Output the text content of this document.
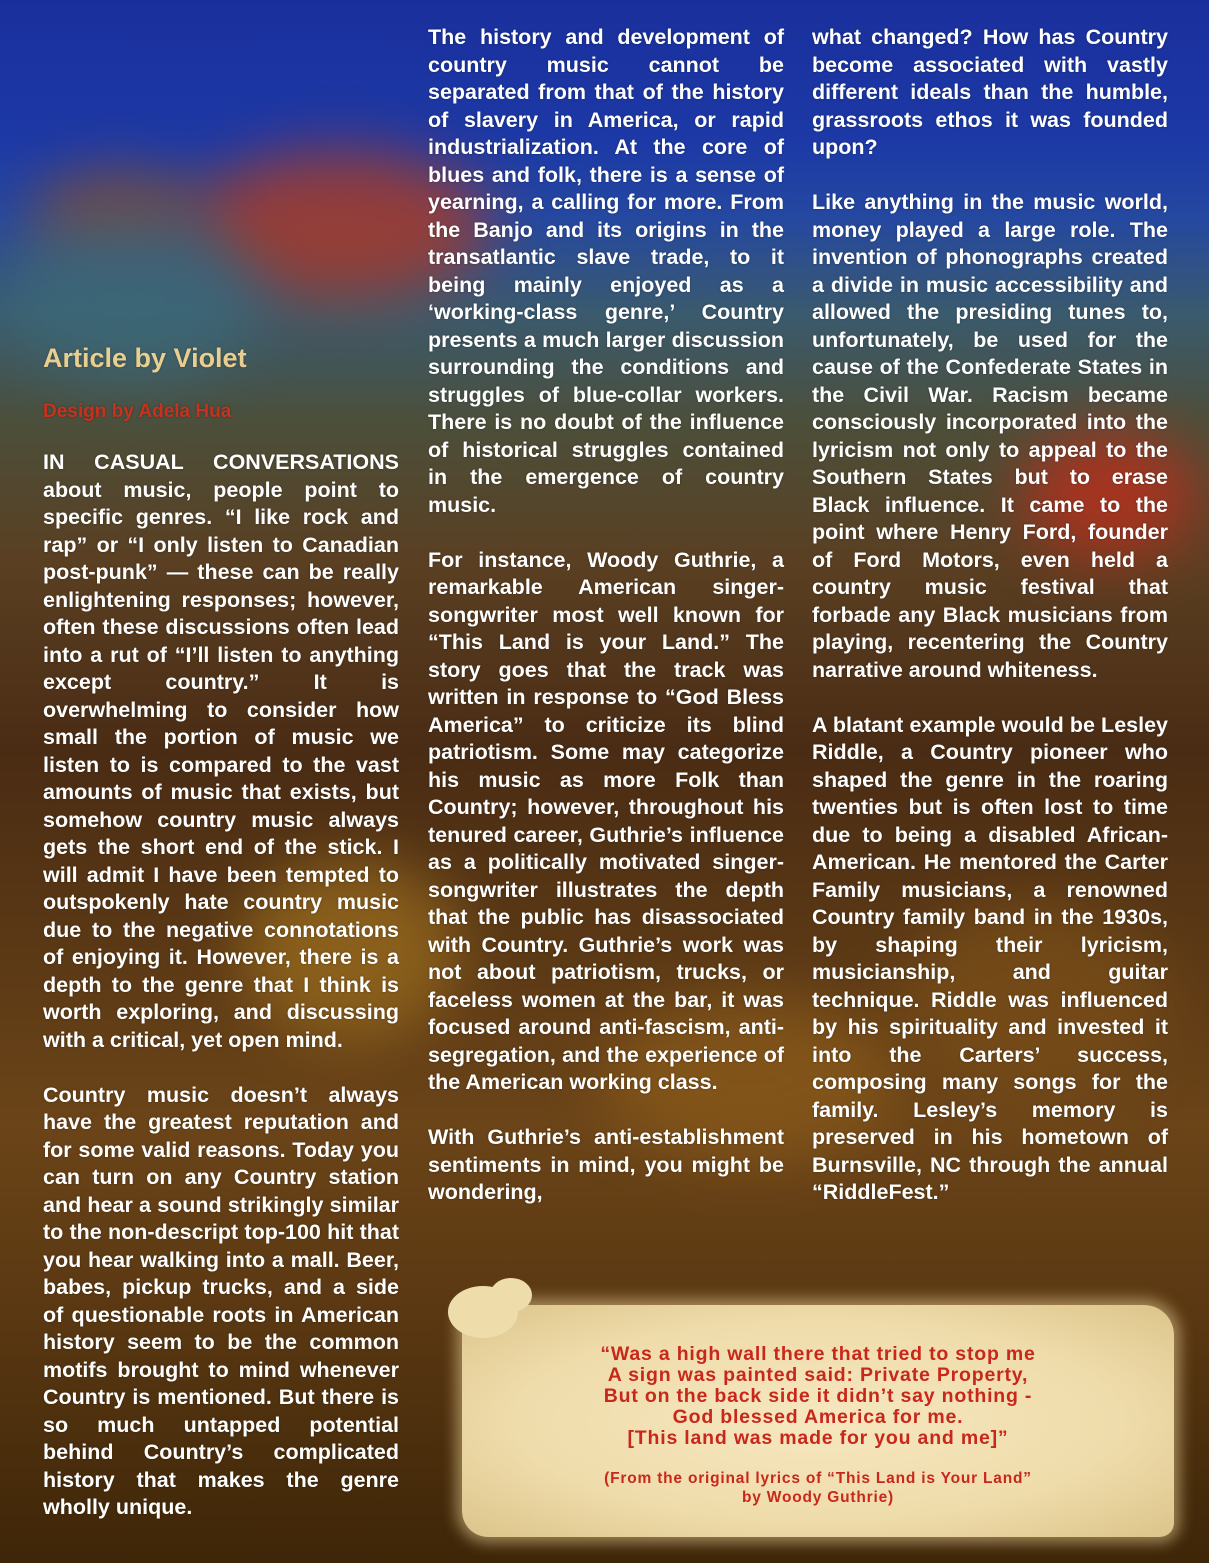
Article by Violet

Design by Adela Hua

IN CASUAL CONVERSATIONS about music, people point to specific genres. “I like rock and rap” or “I only listen to Canadian post-punk” — these can be really enlightening responses; however, often these discussions often lead into a rut of “I’ll listen to anything except country.” It is overwhelming to consider how small the portion of music we listen to is compared to the vast amounts of music that exists, but somehow country music always gets the short end of the stick. I will admit I have been tempted to outspokenly hate country music due to the negative connotations of enjoying it. However, there is a depth to the genre that I think is worth exploring, and discussing with a critical, yet open mind.

Country music doesn’t always have the greatest reputation and for some valid reasons. Today you can turn on any Country station and hear a sound strikingly similar to the non-descript top-100 hit that you hear walking into a mall. Beer, babes, pickup trucks, and a side of questionable roots in American history seem to be the common motifs brought to mind whenever Country is mentioned. But there is so much untapped potential behind Country’s complicated history that makes the genre wholly unique.

The history and development of country music cannot be separated from that of the history of slavery in America, or rapid industrialization. At the core of blues and folk, there is a sense of yearning, a calling for more. From the Banjo and its origins in the transatlantic slave trade, to it being mainly enjoyed as a ‘working-class genre,’ Country presents a much larger discussion surrounding the conditions and struggles of blue-collar workers. There is no doubt of the influence of historical struggles contained in the emergence of country music.

For instance, Woody Guthrie, a remarkable American singer-songwriter most well known for “This Land is your Land.” The story goes that the track was written in response to “God Bless America” to criticize its blind patriotism. Some may categorize his music as more Folk than Country; however, throughout his tenured career, Guthrie’s influence as a politically motivated singer-songwriter illustrates the depth that the public has disassociated with Country. Guthrie’s work was not about patriotism, trucks, or faceless women at the bar, it was focused around anti-fascism, anti-segregation, and the experience of the American working class.

With Guthrie’s anti-establishment sentiments in mind, you might be wondering,

what changed? How has Country become associated with vastly different ideals than the humble, grassroots ethos it was founded upon?

Like anything in the music world, money played a large role. The invention of phonographs created a divide in music accessibility and allowed the presiding tunes to, unfortunately, be used for the cause of the Confederate States in the Civil War. Racism became consciously incorporated into the lyricism not only to appeal to the Southern States but to erase Black influence. It came to the point where Henry Ford, founder of Ford Motors, even held a country music festival that forbade any Black musicians from playing, recentering the Country narrative around whiteness.

A blatant example would be Lesley Riddle, a Country pioneer who shaped the genre in the roaring twenties but is often lost to time due to being a disabled African-American. He mentored the Carter Family musicians, a renowned Country family band in the 1930s, by shaping their lyricism, musicianship, and guitar technique. Riddle was influenced by his spirituality and invested it into the Carters’ success, composing many songs for the family. Lesley’s memory is preserved in his hometown of Burnsville, NC through the annual “RiddleFest.”

“Was a high wall there that tried to stop me
A sign was painted said: Private Property,
But on the back side it didn’t say nothing -
God blessed America for me.
[This land was made for you and me]”
(From the original lyrics of “This Land is Your Land”
by Woody Guthrie)
